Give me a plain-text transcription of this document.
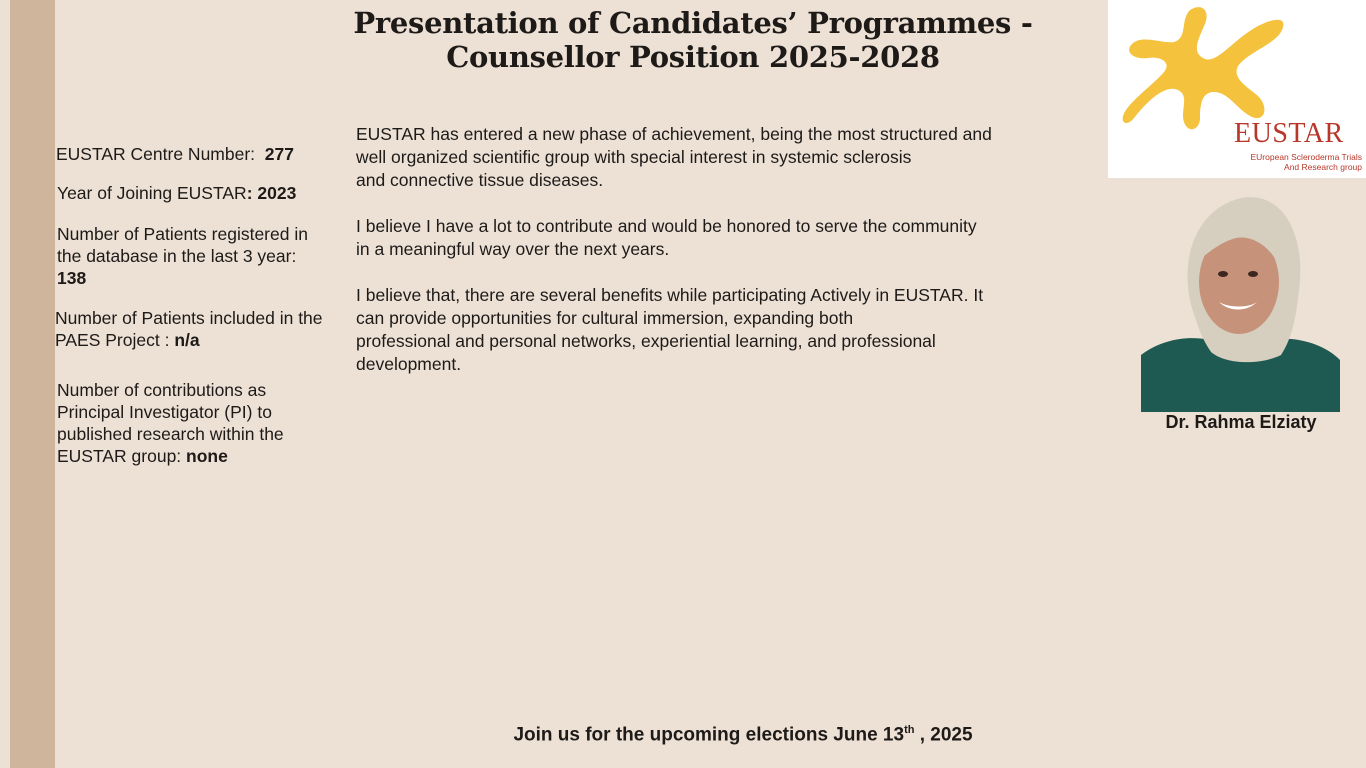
Presentation of Candidates’ Programmes -
Counsellor Position 2025-2028
EUSTAR Centre Number:  277
Year of Joining EUSTAR: 2023
Number of Patients registered in the database in the last 3 year: 138
Number of Patients included in the PAES Project : n/a
Number of contributions as Principal Investigator (PI) to published research within the EUSTAR group: none

EUSTAR has entered a new phase of achievement, being the most structured and
well organized scientific group with special interest in systemic sclerosis
and connective tissue diseases.

I believe I have a lot to contribute and would be honored to serve the community
in a meaningful way over the next years.

I believe that, there are several benefits while participating Actively in EUSTAR. It
can provide opportunities for cultural immersion, expanding both
professional and personal networks, experiential learning, and professional
development.

EUSTAR
EUropean Scleroderma Trials
And Research group
Dr. Rahma Elziaty
Join us for the upcoming elections June 13th , 2025
